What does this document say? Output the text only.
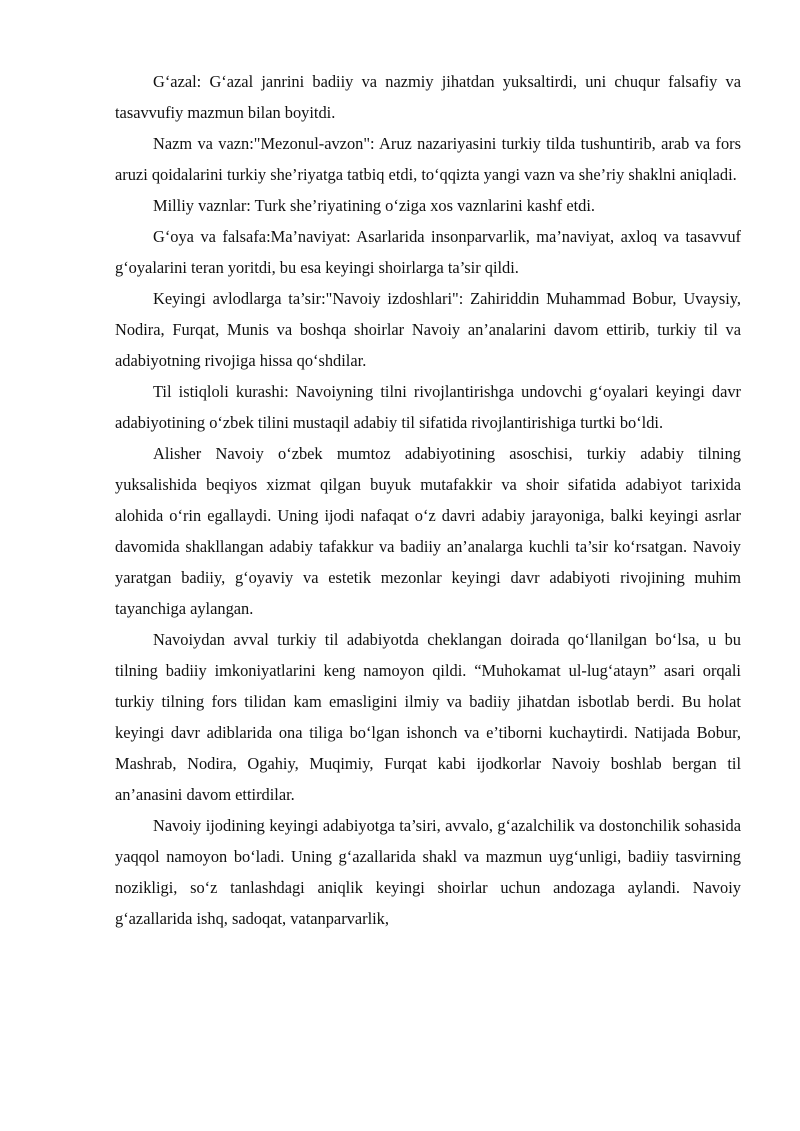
G‘azal: G‘azal janrini badiiy va nazmiy jihatdan yuksaltirdi, uni chuqur falsafiy va tasavvufiy mazmun bilan boyitdi.

Nazm va vazn:"Mezonul-avzon": Aruz nazariyasini turkiy tilda tushuntirib, arab va fors aruzi qoidalarini turkiy she’riyatga tatbiq etdi, to‘qqizta yangi vazn va she’riy shaklni aniqladi.

Milliy vaznlar: Turk she’riyatining o‘ziga xos vaznlarini kashf etdi.

G‘oya va falsafa:Ma’naviyat: Asarlarida insonparvarlik, ma’naviyat, axloq va tasavvuf g‘oyalarini teran yoritdi, bu esa keyingi shoirlarga ta’sir qildi.

Keyingi avlodlarga ta’sir:"Navoiy izdoshlari": Zahiriddin Muhammad Bobur, Uvaysiy, Nodira, Furqat, Munis va boshqa shoirlar Navoiy an’analarini davom ettirib, turkiy til va adabiyotning rivojiga hissa qo‘shdilar.

Til istiqloli kurashi: Navoiyning tilni rivojlantirishga undovchi g‘oyalari keyingi davr adabiyotining o‘zbek tilini mustaqil adabiy til sifatida rivojlantirishiga turtki bo‘ldi.

Alisher Navoiy o‘zbek mumtoz adabiyotining asoschisi, turkiy adabiy tilning yuksalishida beqiyos xizmat qilgan buyuk mutafakkir va shoir sifatida adabiyot tarixida alohida o‘rin egallaydi. Uning ijodi nafaqat o‘z davri adabiy jarayoniga, balki keyingi asrlar davomida shakllangan adabiy tafakkur va badiiy an’analarga kuchli ta’sir ko‘rsatgan. Navoiy yaratgan badiiy, g‘oyaviy va estetik mezonlar keyingi davr adabiyoti rivojining muhim tayanchiga aylangan.

Navoiydan avval turkiy til adabiyotda cheklangan doirada qo‘llanilgan bo‘lsa, u bu tilning badiiy imkoniyatlarini keng namoyon qildi. “Muhokamat ul-lug‘atayn” asari orqali turkiy tilning fors tilidan kam emasligini ilmiy va badiiy jihatdan isbotlab berdi. Bu holat keyingi davr adiblarida ona tiliga bo‘lgan ishonch va e’tiborni kuchaytirdi. Natijada Bobur, Mashrab, Nodira, Ogahiy, Muqimiy, Furqat kabi ijodkorlar Navoiy boshlab bergan til an’anasini davom ettirdilar.

Navoiy ijodining keyingi adabiyotga ta’siri, avvalo, g‘azalchilik va dostonchilik sohasida yaqqol namoyon bo‘ladi. Uning g‘azallarida shakl va mazmun uyg‘unligi, badiiy tasvirning nozikligi, so‘z tanlashdagi aniqlik keyingi shoirlar uchun andozaga aylandi. Navoiy g‘azallarida ishq, sadoqat, vatanparvarlik,
